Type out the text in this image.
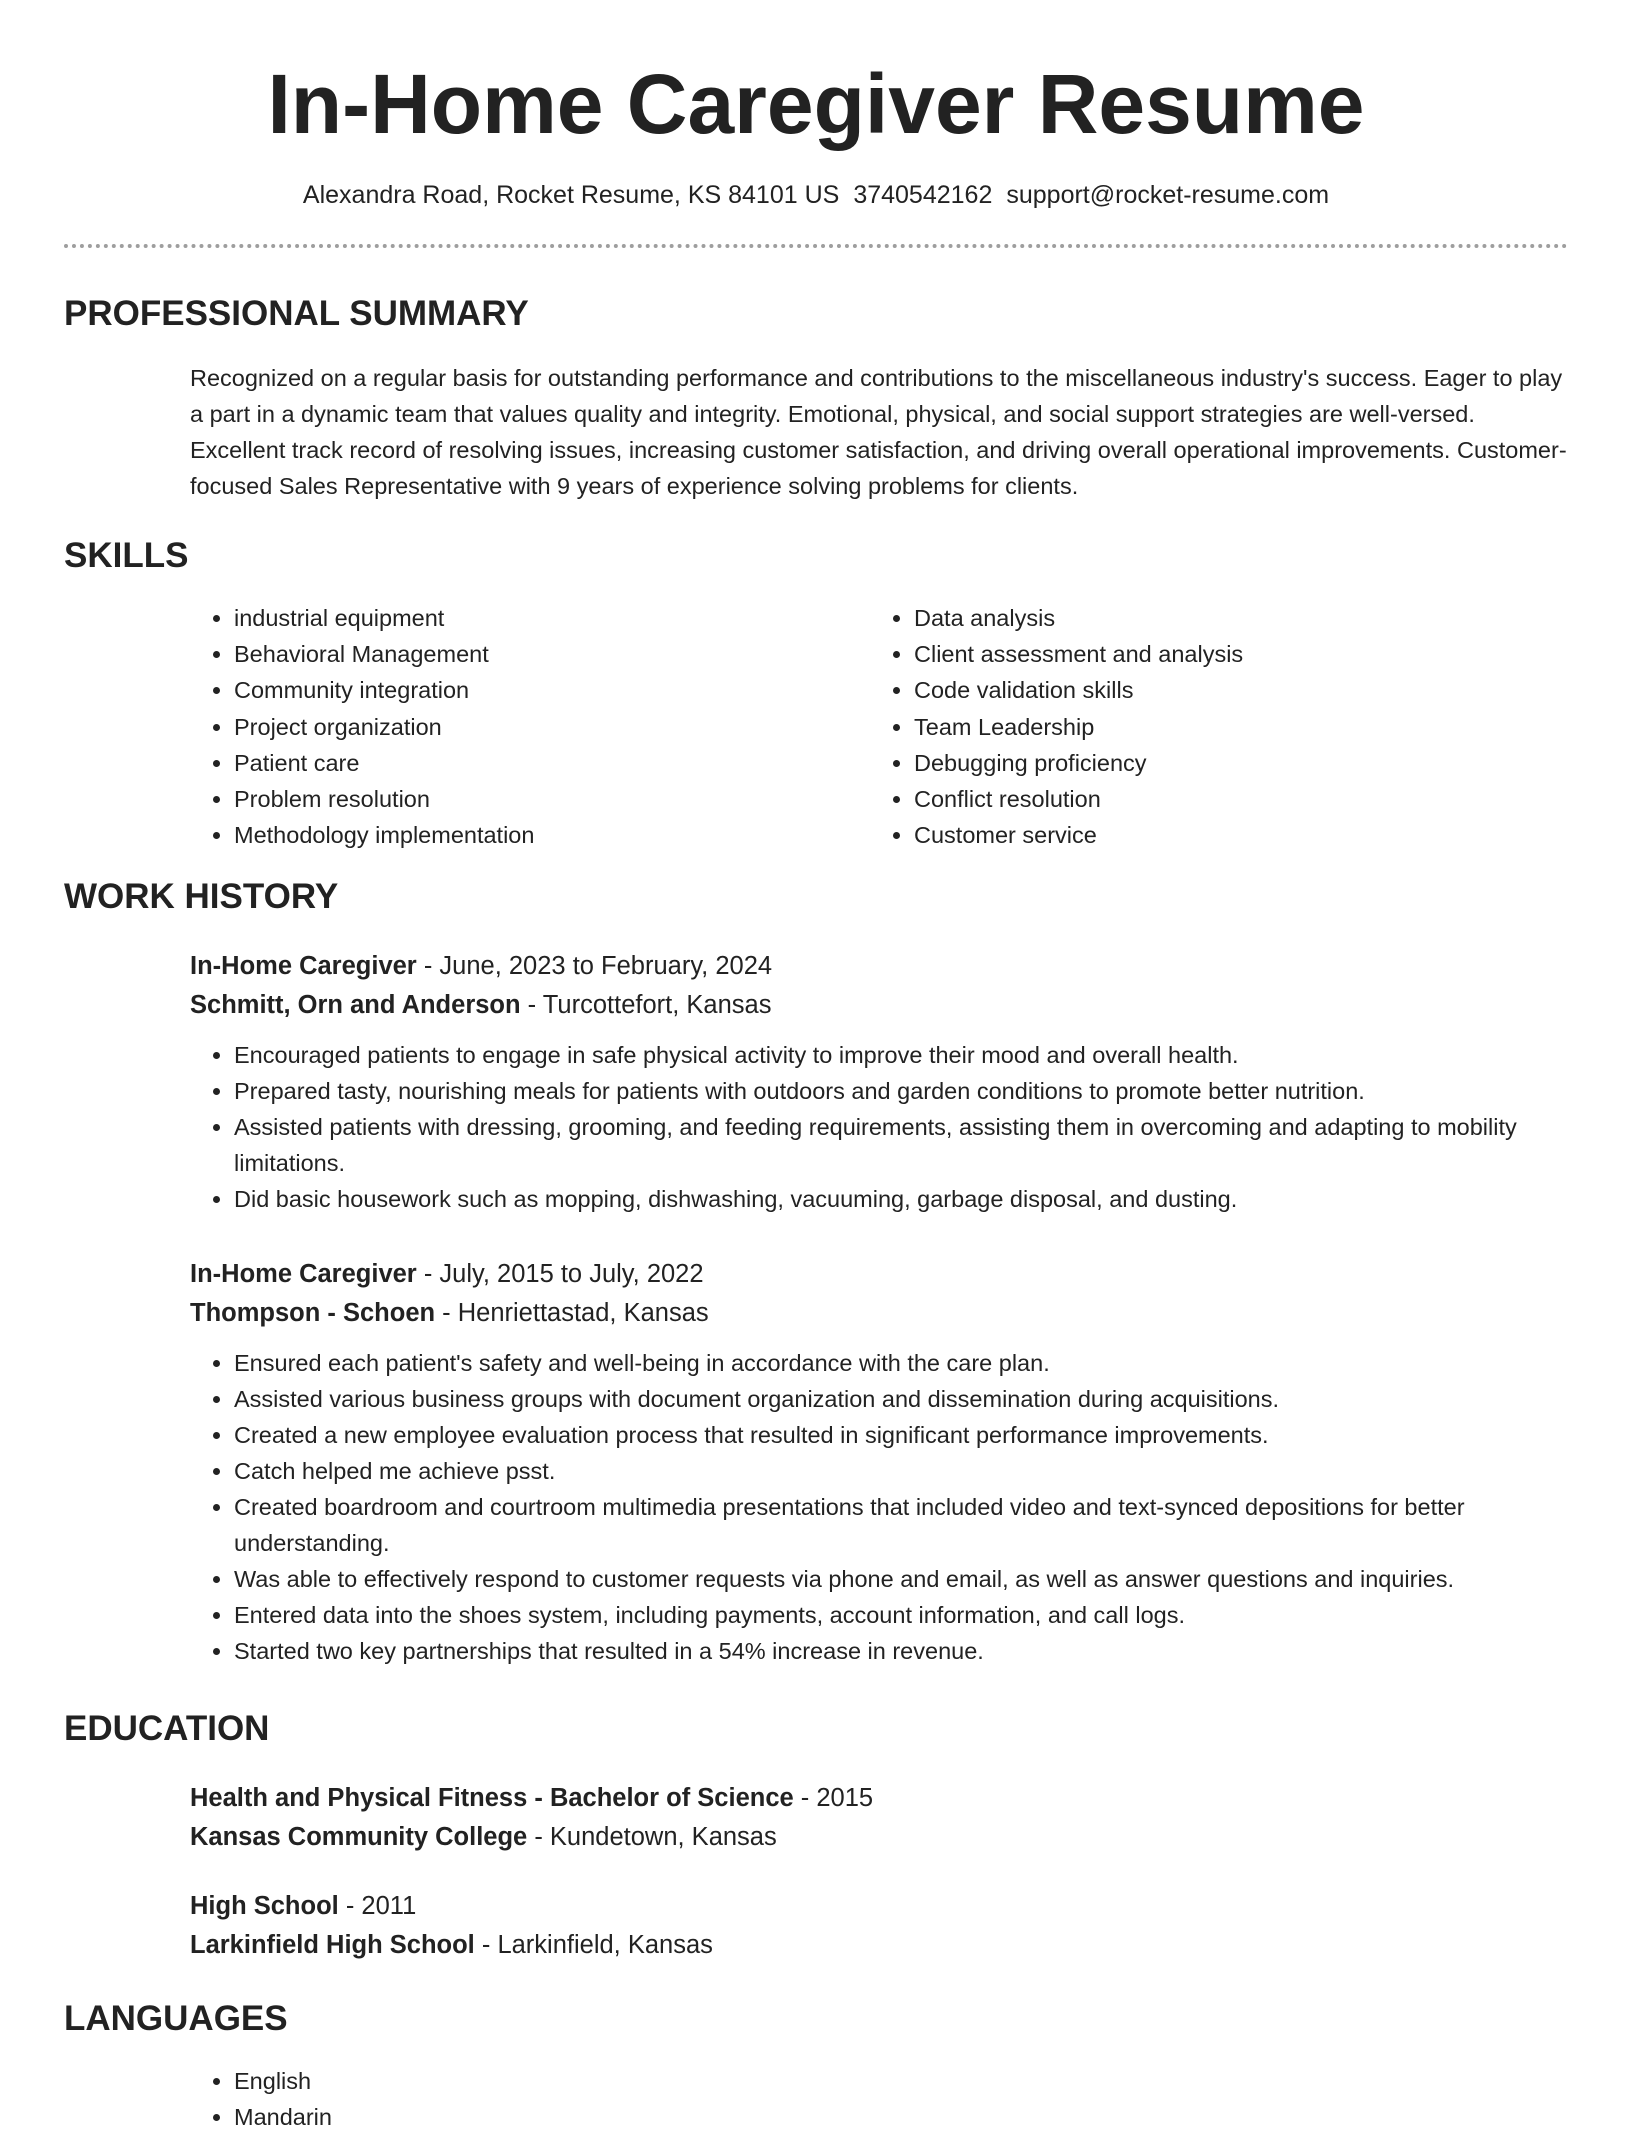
In-Home Caregiver Resume
Alexandra Road, Rocket Resume, KS 84101 US 3740542162 support@rocket-resume.com
PROFESSIONAL SUMMARY
Recognized on a regular basis for outstanding performance and contributions to the miscellaneous industry's success. Eager to play a part in a dynamic team that values quality and integrity. Emotional, physical, and social support strategies are well-versed. Excellent track record of resolving issues, increasing customer satisfaction, and driving overall operational improvements. Customer-focused Sales Representative with 9 years of experience solving problems for clients.
SKILLS
• industrial equipment
• Behavioral Management
• Community integration
• Project organization
• Patient care
• Problem resolution
• Methodology implementation
• Data analysis
• Client assessment and analysis
• Code validation skills
• Team Leadership
• Debugging proficiency
• Conflict resolution
• Customer service
WORK HISTORY
In-Home Caregiver - June, 2023 to February, 2024
Schmitt, Orn and Anderson - Turcottefort, Kansas
• Encouraged patients to engage in safe physical activity to improve their mood and overall health.
• Prepared tasty, nourishing meals for patients with outdoors and garden conditions to promote better nutrition.
• Assisted patients with dressing, grooming, and feeding requirements, assisting them in overcoming and adapting to mobility limitations.
• Did basic housework such as mopping, dishwashing, vacuuming, garbage disposal, and dusting.
In-Home Caregiver - July, 2015 to July, 2022
Thompson - Schoen - Henriettastad, Kansas
• Ensured each patient's safety and well-being in accordance with the care plan.
• Assisted various business groups with document organization and dissemination during acquisitions.
• Created a new employee evaluation process that resulted in significant performance improvements.
• Catch helped me achieve psst.
• Created boardroom and courtroom multimedia presentations that included video and text-synced depositions for better understanding.
• Was able to effectively respond to customer requests via phone and email, as well as answer questions and inquiries.
• Entered data into the shoes system, including payments, account information, and call logs.
• Started two key partnerships that resulted in a 54% increase in revenue.
EDUCATION
Health and Physical Fitness - Bachelor of Science - 2015
Kansas Community College - Kundetown, Kansas
High School - 2011
Larkinfield High School - Larkinfield, Kansas
LANGUAGES
• English
• Mandarin
